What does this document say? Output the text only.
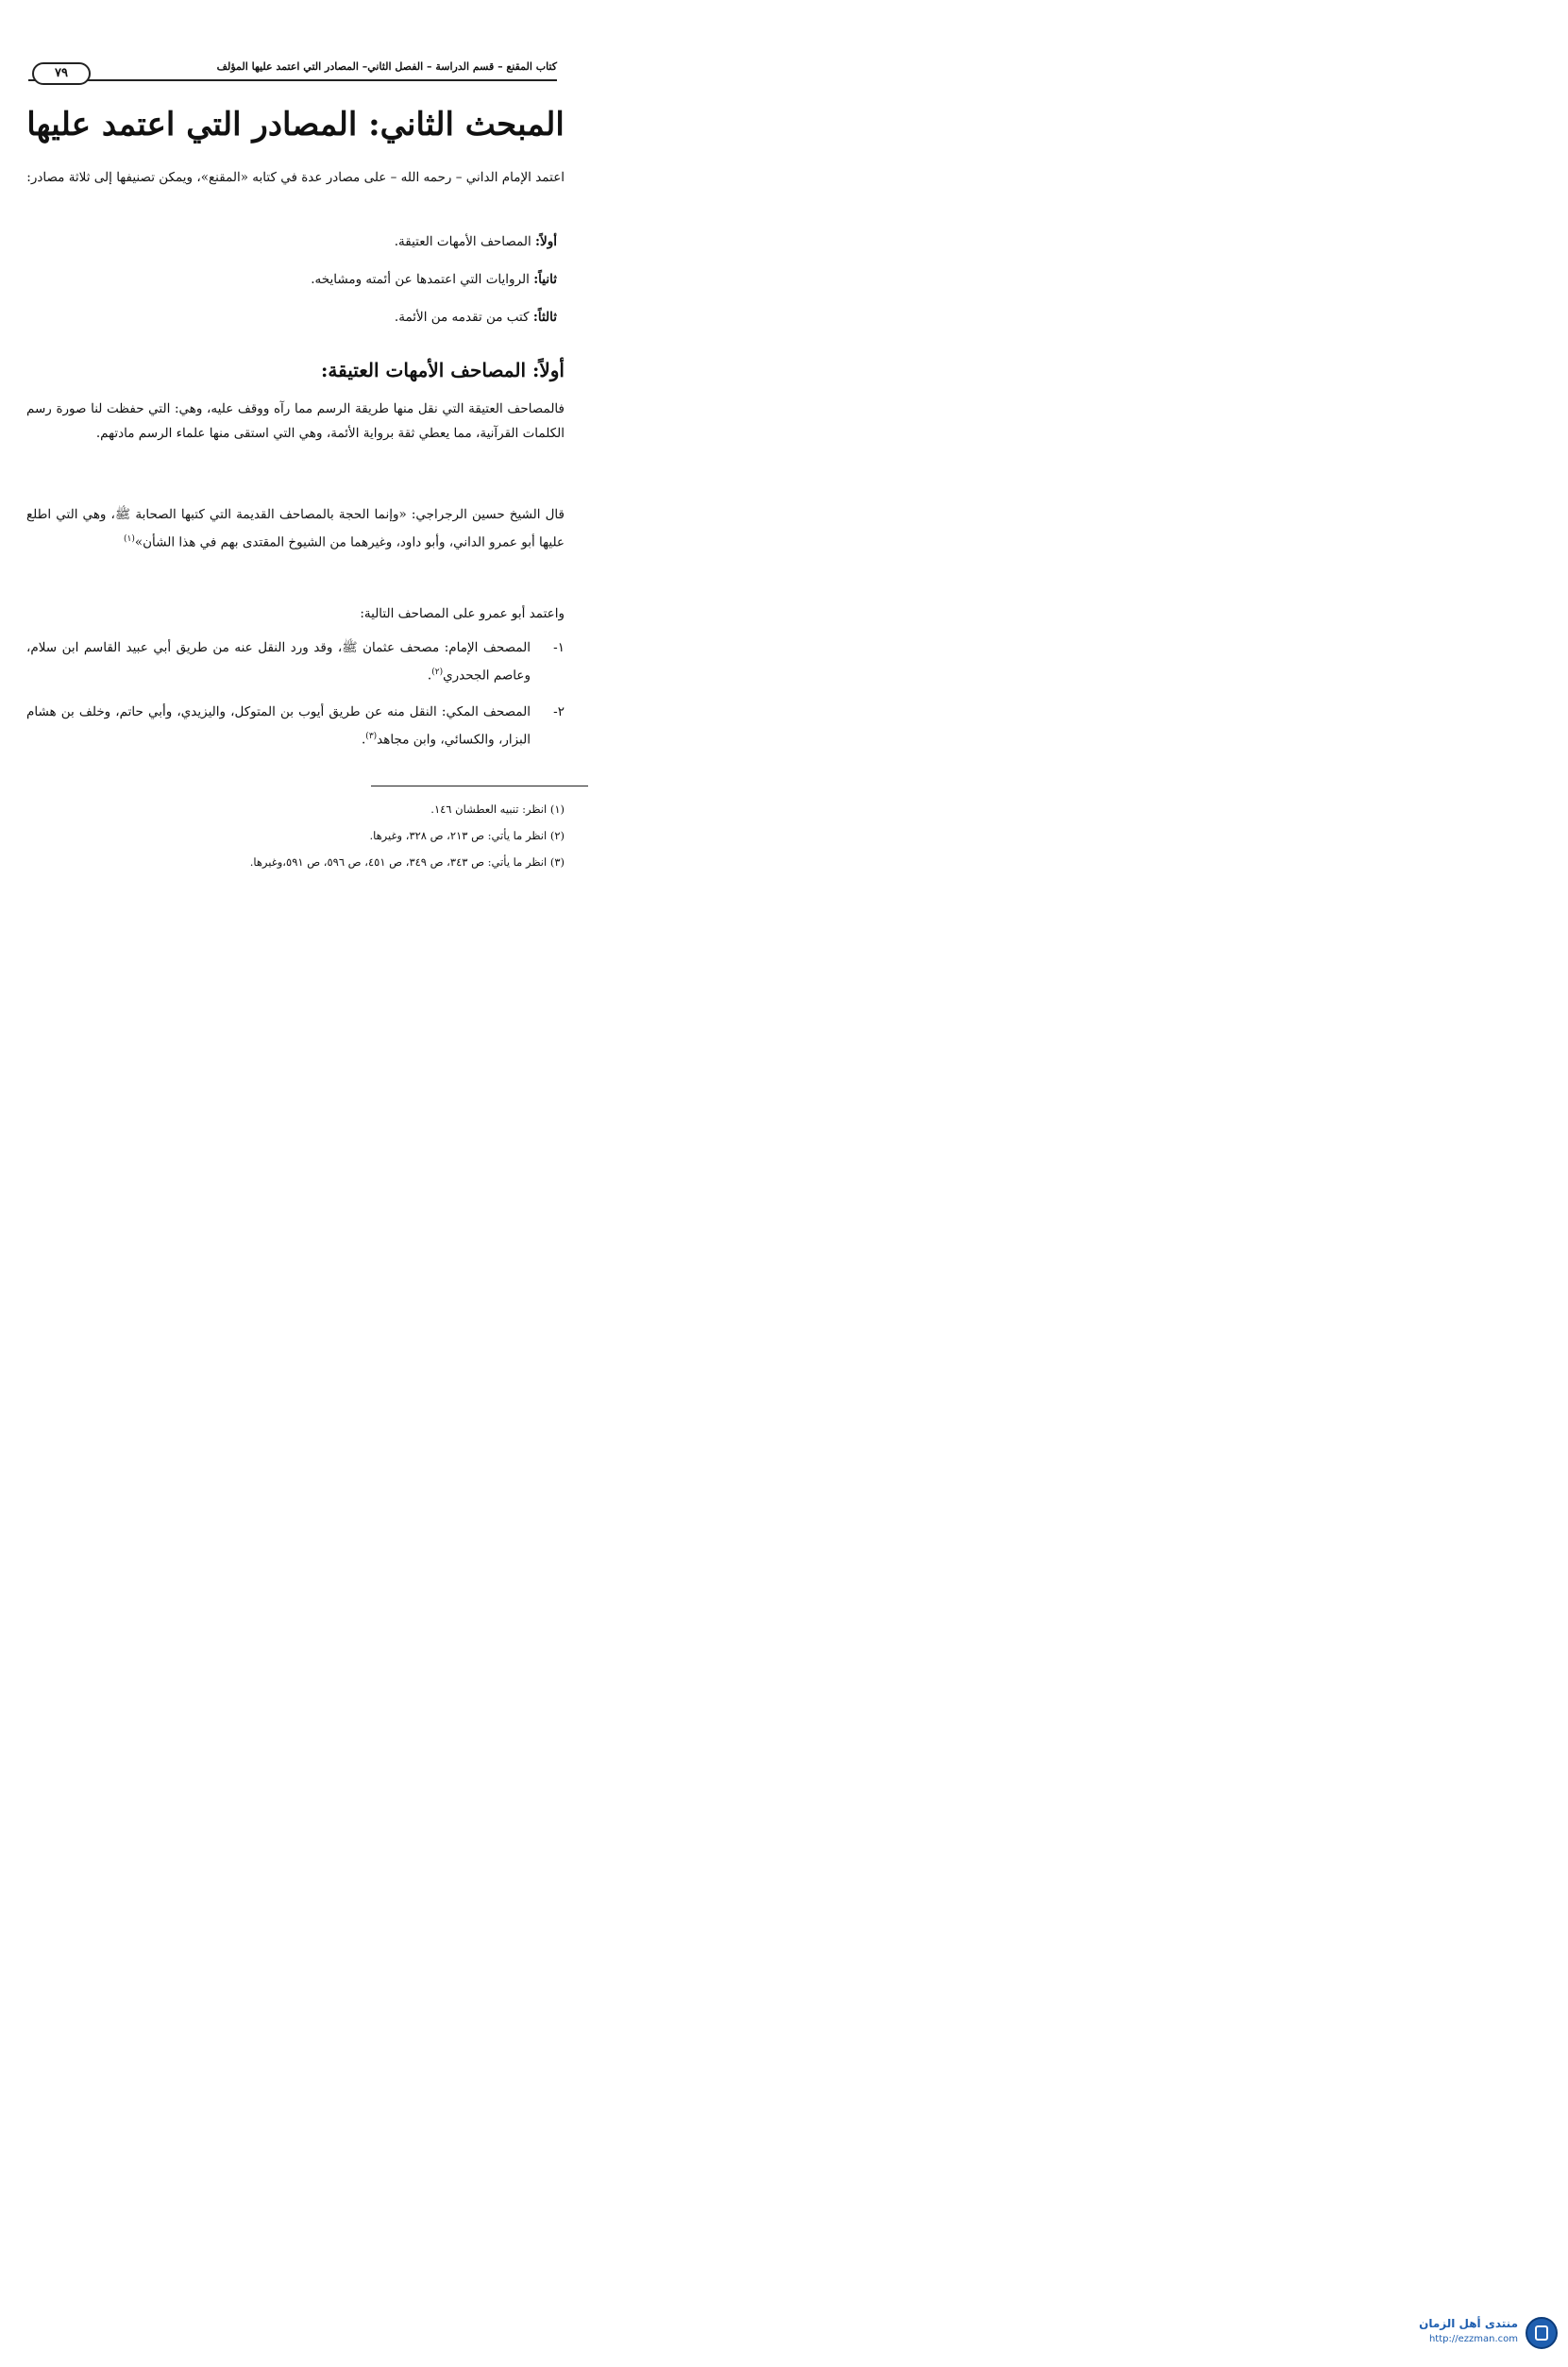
٧٩	كتاب المقنع – قسم الدراسة – الفصل الثاني– المصادر التي اعتمد عليها المؤلف
المبحث الثاني: المصادر التي اعتمد عليها

اعتمد الإمام الداني – رحمه الله – على مصادر عدة في كتابه «المقنع»، ويمكن تصنيفها إلى ثلاثة مصادر:

أولاً: المصاحف الأمهات العتيقة.
ثانياً: الروايات التي اعتمدها عن أئمته ومشايخه.
ثالثاً: كتب من تقدمه من الأئمة.
أولاً: المصاحف الأمهات العتيقة:

فالمصاحف العتيقة التي نقل منها طريقة الرسم مما رآه ووقف عليه، وهي: التي حفظت لنا صورة رسم الكلمات القرآنية، مما يعطي ثقة برواية الأئمة، وهي التي استقى منها علماء الرسم مادتهم.

قال الشيخ حسين الرجراجي: «وإنما الحجة بالمصاحف القديمة التي كتبها الصحابة ﷺ، وهي التي اطلع عليها أبو عمرو الداني، وأبو داود، وغيرهما من الشيوخ المقتدى بهم في هذا الشأن»$^{(١)}$

واعتمد أبو عمرو على المصاحف التالية:

١-
المصحف الإمام: مصحف عثمان ﷺ، وقد ورد النقل عنه من طريق أبي عبيد القاسم ابن سلام، وعاصم الجحدري$^{(٢)}$.
٢-
المصحف المكي: النقل منه عن طريق أيوب بن المتوكل، واليزيدي، وأبي حاتم، وخلف بن هشام البزار، والكسائي، وابن مجاهد$^{(٣)}$.
(١) انظر: تنبيه العطشان ١٤٦.
(٢) انظر ما يأتي: ص ٢١٣، ص ٣٢٨، وغيرها.
(٣) انظر ما يأتي: ص ٣٤٣، ص ٣٤٩، ص ٤٥١، ص ٥٩٦، ص ٥٩١،وغيرها.
منتدى أهل الزمان
http://ezzman.com
